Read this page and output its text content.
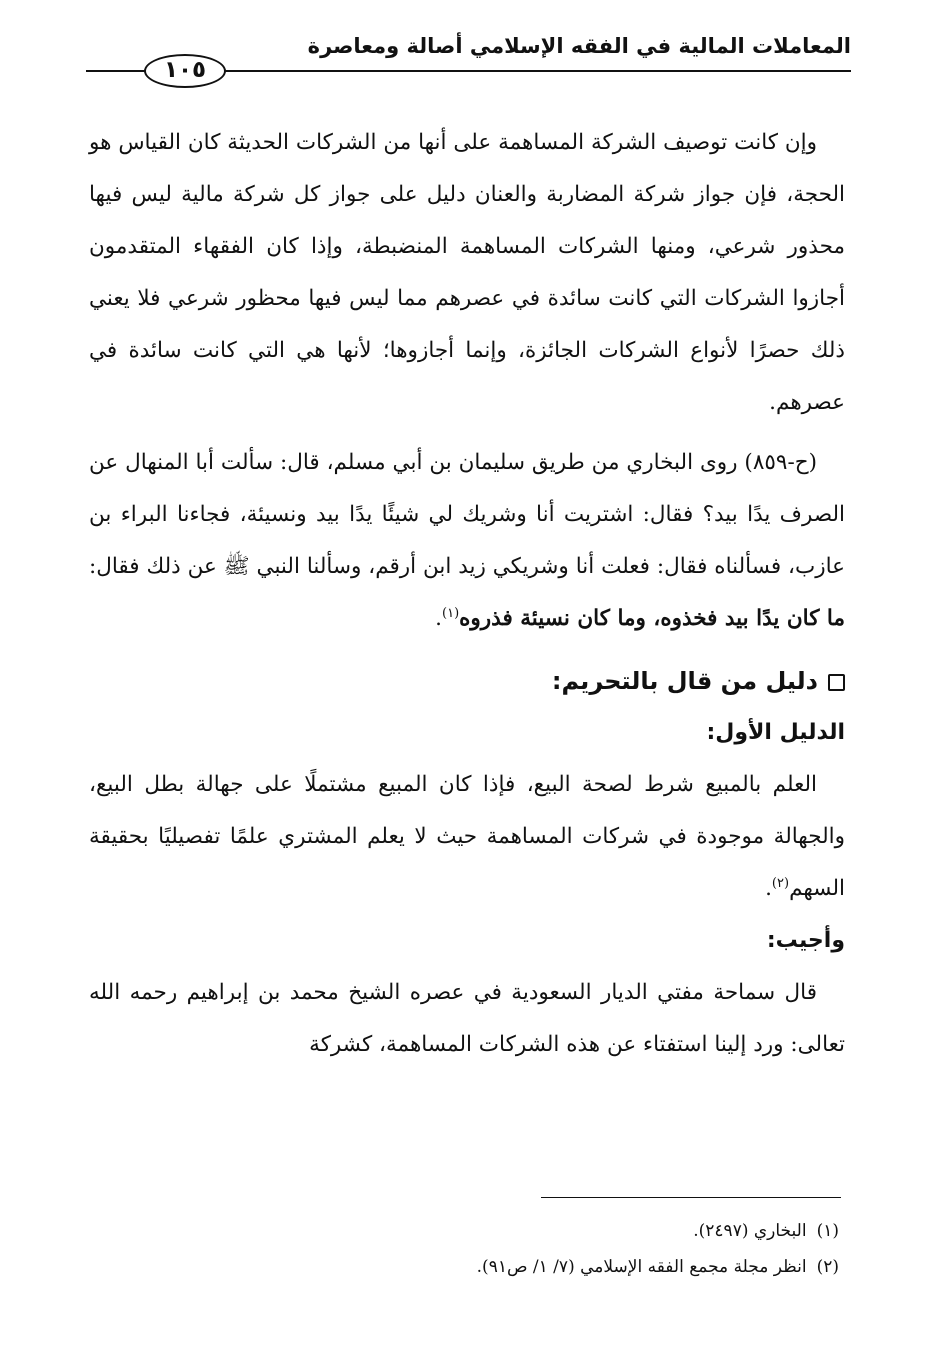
المعاملات المالية في الفقه الإسلامي أصالة ومعاصرة
١٠٥

وإن كانت توصيف الشركة المساهمة على أنها من الشركات الحديثة كان القياس هو الحجة، فإن جواز شركة المضاربة والعنان دليل على جواز كل شركة مالية ليس فيها محذور شرعي، ومنها الشركات المساهمة المنضبطة، وإذا كان الفقهاء المتقدمون أجازوا الشركات التي كانت سائدة في عصرهم مما ليس فيها محظور شرعي فلا يعني ذلك حصرًا لأنواع الشركات الجائزة، وإنما أجازوها؛ لأنها هي التي كانت سائدة في عصرهم.

(ح-٨٥٩) روى البخاري من طريق سليمان بن أبي مسلم، قال: سألت أبا المنهال عن الصرف يدًا بيد؟ فقال: اشتريت أنا وشريك لي شيئًا يدًا بيد ونسيئة، فجاءنا البراء بن عازب، فسألناه فقال: فعلت أنا وشريكي زيد ابن أرقم، وسألنا النبي ﷺ عن ذلك فقال: ما كان يدًا بيد فخذوه، وما كان نسيئة فذروه$^{(١)}$.

دليل من قال بالتحريم:
الدليل الأول:

العلم بالمبيع شرط لصحة البيع، فإذا كان المبيع مشتملًا على جهالة بطل البيع، والجهالة موجودة في شركات المساهمة حيث لا يعلم المشتري علمًا تفصيليًا بحقيقة السهم$^{(٢)}$.

وأجيب:

قال سماحة مفتي الديار السعودية في عصره الشيخ محمد بن إبراهيم رحمه الله تعالى: ورد إلينا استفتاء عن هذه الشركات المساهمة، كشركة

(١)البخاري (٢٤٩٧).

(٢)انظر مجلة مجمع الفقه الإسلامي (٧/ ١/ ص٩١).
